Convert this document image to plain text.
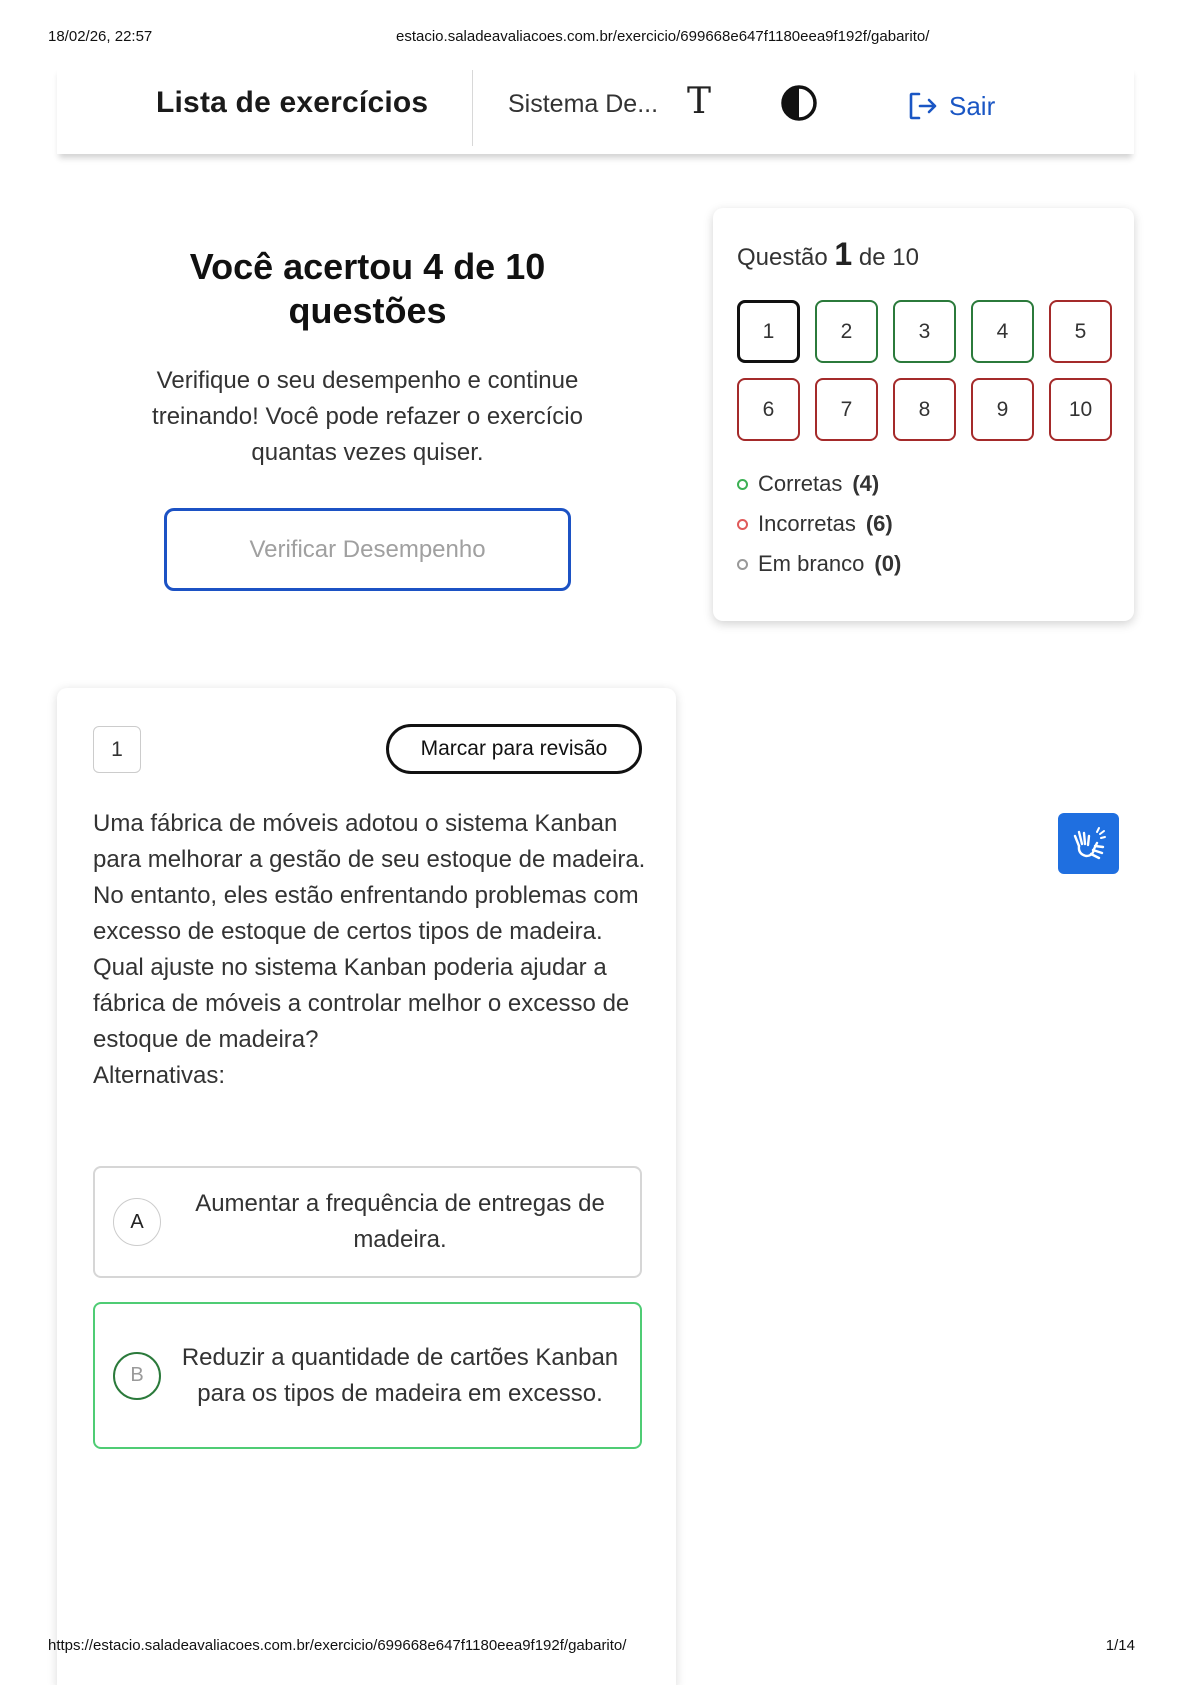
18/02/26, 22:57	estacio.saladeavaliacoes.com.br/exercicio/699668e647f1180eea9f192f/gabarito/
Lista de exercícios	Sistema De... T	Sair
Você acertou 4 de 10 questões

Verifique o seu desempenho e continue treinando! Você pode refazer o exercício quantas vezes quiser.

Verificar Desempenho
Questão 1 de 10
1	2	3	4	5
6	7	8	9	10
Corretas (4)
Incorretas (6)
Em branco (0)
1	Marcar para revisão
Uma fábrica de móveis adotou o sistema Kanban para melhorar a gestão de seu estoque de madeira. No entanto, eles estão enfrentando problemas com excesso de estoque de certos tipos de madeira.
Qual ajuste no sistema Kanban poderia ajudar a fábrica de móveis a controlar melhor o excesso de estoque de madeira?
Alternativas:
A
Aumentar a frequência de entregas de madeira.
B
Reduzir a quantidade de cartões Kanban para os tipos de madeira em excesso.
https://estacio.saladeavaliacoes.com.br/exercicio/699668e647f1180eea9f192f/gabarito/	1/14
